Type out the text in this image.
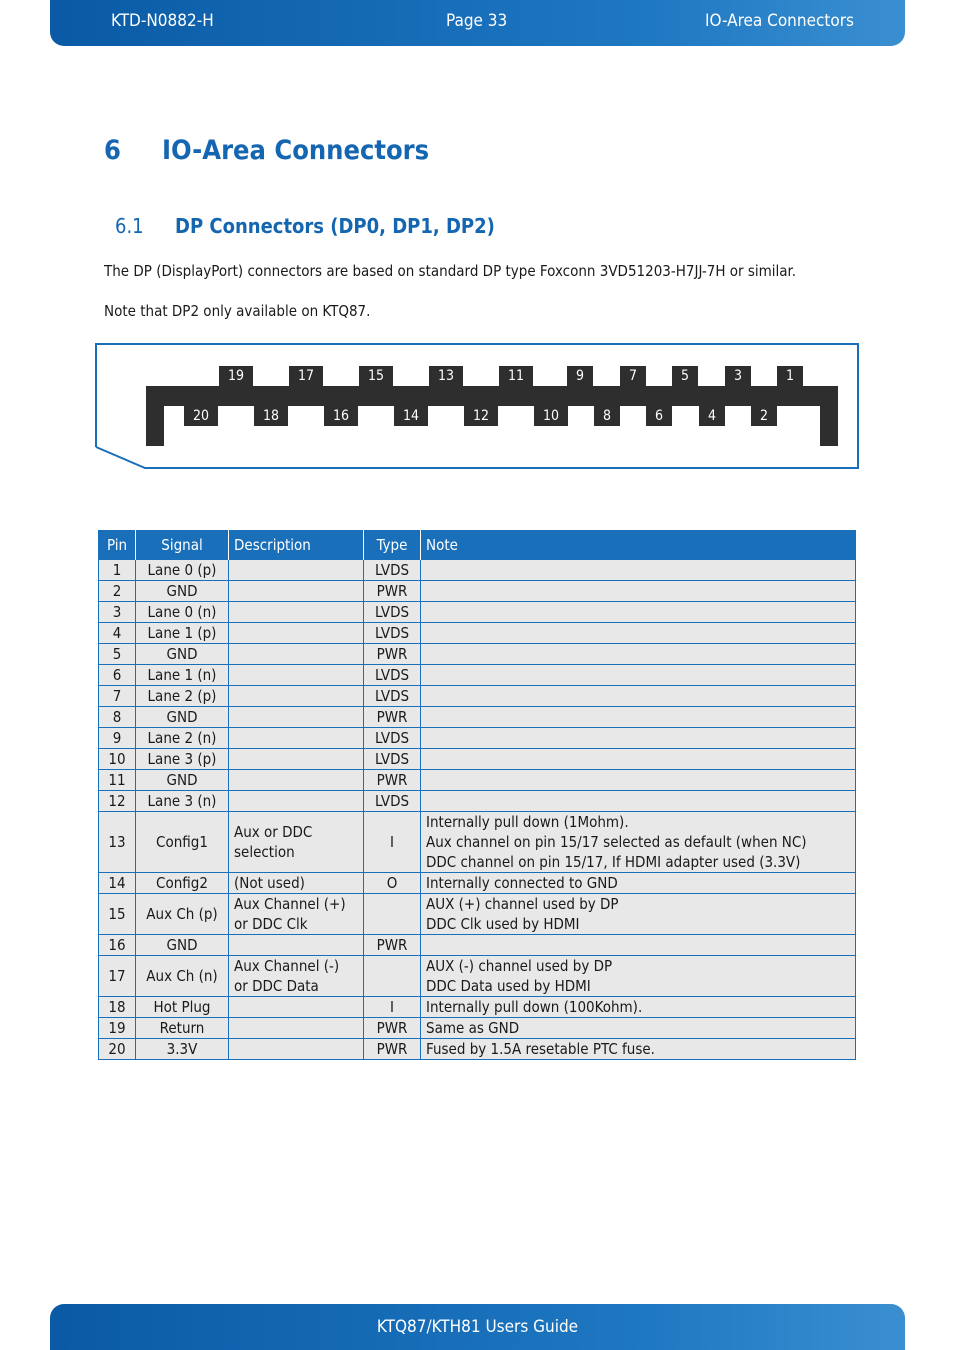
KTD-N0882-H	Page 33	IO-Area Connectors
6 IO-Area Connectors
6.1 DP Connectors (DP0, DP1, DP2)
The DP (DisplayPort) connectors are based on standard DP type Foxconn 3VD51203-H7JJ-7H or similar.
Note that DP2 only available on KTQ87.
19	17	15	13	11	9	7	5	3	1
20	18	16	14	12	10	8	6	4	2
Pin	Signal	Description	Type	Note
1	Lane 0 (p)		LVDS	
2	GND		PWR	
3	Lane 0 (n)		LVDS	
4	Lane 1 (p)		LVDS	
5	GND		PWR	
6	Lane 1 (n)		LVDS	
7	Lane 2 (p)		LVDS	
8	GND		PWR	
9	Lane 2 (n)		LVDS	
10	Lane 3 (p)		LVDS	
11	GND		PWR	
12	Lane 3 (n)		LVDS	
13	Config1	Aux or DDC
selection	I	Internally pull down (1Mohm).
Aux channel on pin 15/17 selected as default (when NC)
DDC channel on pin 15/17, If HDMI adapter used (3.3V)
14	Config2	(Not used)	O	Internally connected to GND
15	Aux Ch (p)	Aux Channel (+)
or DDC Clk		AUX (+) channel used by DP
DDC Clk used by HDMI
16	GND		PWR	
17	Aux Ch (n)	Aux Channel (-)
or DDC Data		AUX (-) channel used by DP
DDC Data used by HDMI
18	Hot Plug		I	Internally pull down (100Kohm).
19	Return		PWR	Same as GND
20	3.3V		PWR	Fused by 1.5A resetable PTC fuse.
KTQ87/KTH81 Users Guide
